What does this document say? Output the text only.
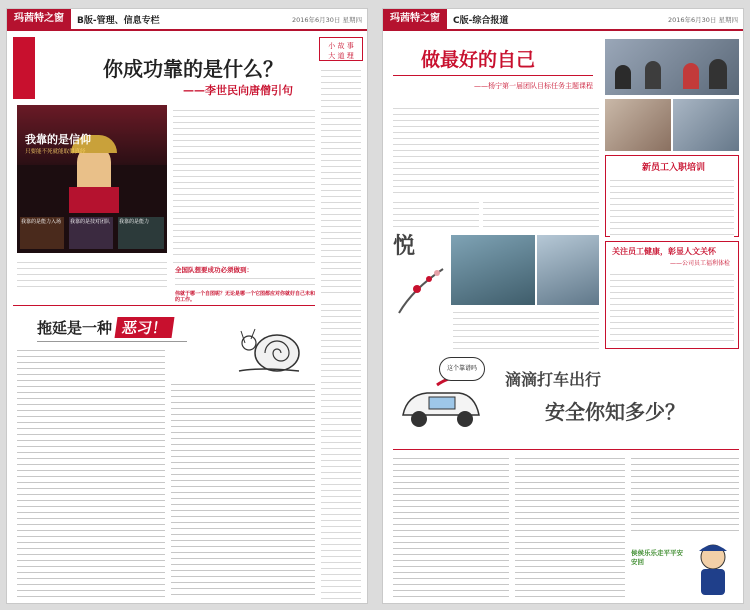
玛茜特之窗	B版-管理、信息专栏	2016年6月30日 星期四
你成功靠的是什么？
——李世民向唐僧引句
小 故 事
大 道 理
我靠的是信仰
只要能不死就能取得真经
我靠的是能力入场	我靠的是技对团队	我靠的是能力
全国队想要成功必须做到：
伟就于哪一个自图呢？无论是哪一个它图都应对你就好自己未和的工作。
拖延是一种 恶习！
玛茜特之窗	C版-综合报道	2016年6月30日 星期四
做最好的自己
——杨宁第一届团队目标任务主题课程
新员工入职培训
悦	关注员工健康，彰显人文关怀
——公司员工福利体检
这个靠谱吗
滴滴打车出行
安全你知多少？
侯侯乐乐走平平安安回
